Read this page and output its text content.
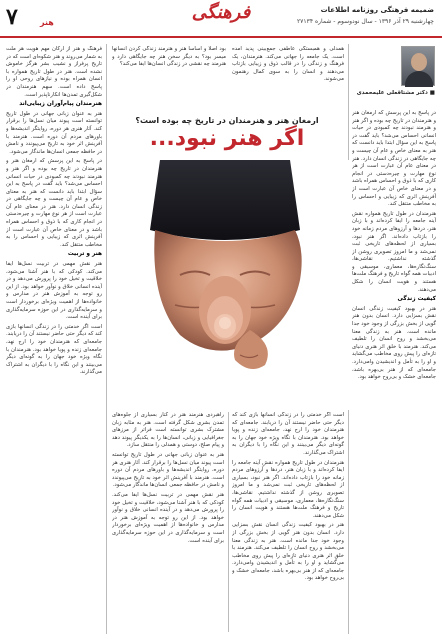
۷	هنر	فرهنگی	ضمیمه فرهنگی روزنامه اطلاعات
چهارشنبه ۲۹ آذر ۱۳۹۶ - سال نودوسوم - شماره ۲۷۱۳۴
■ دکتر مشتاقعلی علیمحمدی

در پاسخ به این پرسش که ارمغان هنر و هنرمندان در تاریخ چه بوده و اگر هنر و هنرمند نبودند چه کمبودی در حیات انسانی احساس می‌شد؟ باید گفت در پاسخ به این سؤال ابتدا باید دانست که هنر به معنای خاص و عام آن چیست و چه جایگاهی در زندگی انسان دارد. هنر در معنای عام آن عبارت است از هر نوع مهارت و چیره‌دستی در انجام کاری که با ذوق و احساس همراه باشد و در معنای خاص آن عبارت است از آفرینش اثری که زیبایی و احساس را به مخاطب منتقل کند.

هنرمندان در طول تاریخ همواره نقش آینه جامعه را ایفا کرده‌اند و با زبان هنر، دردها و آرزوهای مردم زمانه خود را بازتاب داده‌اند. اگر هنر نبود، بسیاری از لحظه‌های تاریخی ثبت نمی‌شد و ما امروز تصویری روشن از گذشته نداشتیم. نقاشی‌ها، سنگ‌نگاره‌ها، معماری، موسیقی و ادبیات همه گواه تاریخ و فرهنگ ملت‌ها هستند و هویت انسان را شکل می‌دهند.

کیفیت زندگی

هنر در بهبود کیفیت زندگی انسان نقش بسزایی دارد. انسان بدون هنر گویی از بخش بزرگی از وجود خود جدا مانده است. هنر به زندگی معنا می‌بخشد و روح انسان را تلطیف می‌کند. هنرمند با خلق اثر هنری دنیای تازه‌ای را پیش روی مخاطب می‌گشاید و او را به تأمل و اندیشیدن وامی‌دارد. جامعه‌ای که از هنر بی‌بهره باشد، جامعه‌ای خشک و بی‌روح خواهد بود.

همدلی و همبستگی عاطفی جمع‌بینی پدید آمده است. یک جامعه را جهانی می‌کند. هنرمندان، یک فرهنگ و زندگی را در قالب ذوق و زیبایی بازتاب می‌دهند و انسان را به سوی کمال رهنمون می‌شوند.

بود اصلاً و اساساً هنر و هنرمند زندگی کردن انسانها میسر بود؟ به دیگر سخن هنر چه جایگاهی دارد و هنرمند چه نقشی در زندگی انسان‌ها ایفا می‌کند؟

ارمغان هنر و هنرمندان در تاریخ چه بوده است؟
اگر هنر نبود...

است اگر خدمتی را در زندگی انسانها بازی کند که دیگر حتی حاضر نیستند آن را دریابند. جامعه‌ای که هنرمندان خود را ارج نهد، جامعه‌ای زنده و پویا خواهد بود. هنرمندان با نگاه ویژه خود جهان را به گونه‌ای دیگر می‌بینند و این نگاه را با دیگران به اشتراک می‌گذارند.

هنرمندان در طول تاریخ همواره نقش آینه جامعه را ایفا کرده‌اند و با زبان هنر، دردها و آرزوهای مردم زمانه خود را بازتاب داده‌اند. اگر هنر نبود، بسیاری از لحظه‌های تاریخی ثبت نمی‌شد و ما امروز تصویری روشن از گذشته نداشتیم. نقاشی‌ها، سنگ‌نگاره‌ها، معماری، موسیقی و ادبیات همه گواه تاریخ و فرهنگ ملت‌ها هستند و هویت انسان را شکل می‌دهند.

هنر در بهبود کیفیت زندگی انسان نقش بسزایی دارد. انسان بدون هنر گویی از بخش بزرگی از وجود خود جدا مانده است. هنر به زندگی معنا می‌بخشد و روح انسان را تلطیف می‌کند. هنرمند با خلق اثر هنری دنیای تازه‌ای را پیش روی مخاطب می‌گشاید و او را به تأمل و اندیشیدن وامی‌دارد. جامعه‌ای که از هنر بی‌بهره باشد، جامعه‌ای خشک و بی‌روح خواهد بود.

راهبردی هنرمند هنر در کنار بسیاری از جلوه‌های تمدن بشری شکل گرفته است. هنر به مثابه زبان مشترک بشری توانسته است فراتر از مرزهای جغرافیایی و زبانی، انسان‌ها را به یکدیگر پیوند دهد و پیام صلح، دوستی و همدلی را منتقل سازد.

هنر به عنوان زبانی جهانی در طول تاریخ توانسته است پیوند میان نسل‌ها را برقرار کند. آثار هنری هر دوره، روایتگر اندیشه‌ها و باورهای مردم آن دوره است. هنرمند با آفرینش اثر خود به تاریخ می‌پیوندد و نامش در حافظه جمعی انسان‌ها ماندگار می‌شود.

هنر نقش مهمی در تربیت نسل‌ها ایفا می‌کند. کودکی که با هنر آشنا می‌شود، خلاقیت و تخیل خود را پرورش می‌دهد و در آینده انسانی خلاق و نوآور خواهد بود. از این رو توجه به آموزش هنر در مدارس و خانواده‌ها از اهمیت ویژه‌ای برخوردار است و سرمایه‌گذاری در این حوزه سرمایه‌گذاری برای آینده است.

فرهنگ و هنر از ارکان مهم هویت هر ملت به شمار می‌روند و هنر شکوه‌ای است که در تاریخ پرفراز و نشیب بشر هرگز خاموش نشده است. هنر در طول تاریخ همواره با انسان همراه بوده و نیازهای روحی او را پاسخ داده است. سهم هنرمندان در شکل‌گیری تمدن‌ها انکارناپذیر است.

هنرمندان پیام‌آوران زیبایی‌اند

هنر به عنوان زبانی جهانی در طول تاریخ توانسته است پیوند میان نسل‌ها را برقرار کند. آثار هنری هر دوره، روایتگر اندیشه‌ها و باورهای مردم آن دوره است. هنرمند با آفرینش اثر خود به تاریخ می‌پیوندد و نامش در حافظه جمعی انسان‌ها ماندگار می‌شود.

در پاسخ به این پرسش که ارمغان هنر و هنرمندان در تاریخ چه بوده و اگر هنر و هنرمند نبودند چه کمبودی در حیات انسانی احساس می‌شد؟ باید گفت در پاسخ به این سؤال ابتدا باید دانست که هنر به معنای خاص و عام آن چیست و چه جایگاهی در زندگی انسان دارد. هنر در معنای عام آن عبارت است از هر نوع مهارت و چیره‌دستی در انجام کاری که با ذوق و احساس همراه باشد و در معنای خاص آن عبارت است از آفرینش اثری که زیبایی و احساس را به مخاطب منتقل کند.

هنر و تربیت

هنر نقش مهمی در تربیت نسل‌ها ایفا می‌کند. کودکی که با هنر آشنا می‌شود، خلاقیت و تخیل خود را پرورش می‌دهد و در آینده انسانی خلاق و نوآور خواهد بود. از این رو توجه به آموزش هنر در مدارس و خانواده‌ها از اهمیت ویژه‌ای برخوردار است و سرمایه‌گذاری در این حوزه سرمایه‌گذاری برای آینده است.

است اگر خدمتی را در زندگی انسانها بازی کند که دیگر حتی حاضر نیستند آن را دریابند. جامعه‌ای که هنرمندان خود را ارج نهد، جامعه‌ای زنده و پویا خواهد بود. هنرمندان با نگاه ویژه خود جهان را به گونه‌ای دیگر می‌بینند و این نگاه را با دیگران به اشتراک می‌گذارند.
